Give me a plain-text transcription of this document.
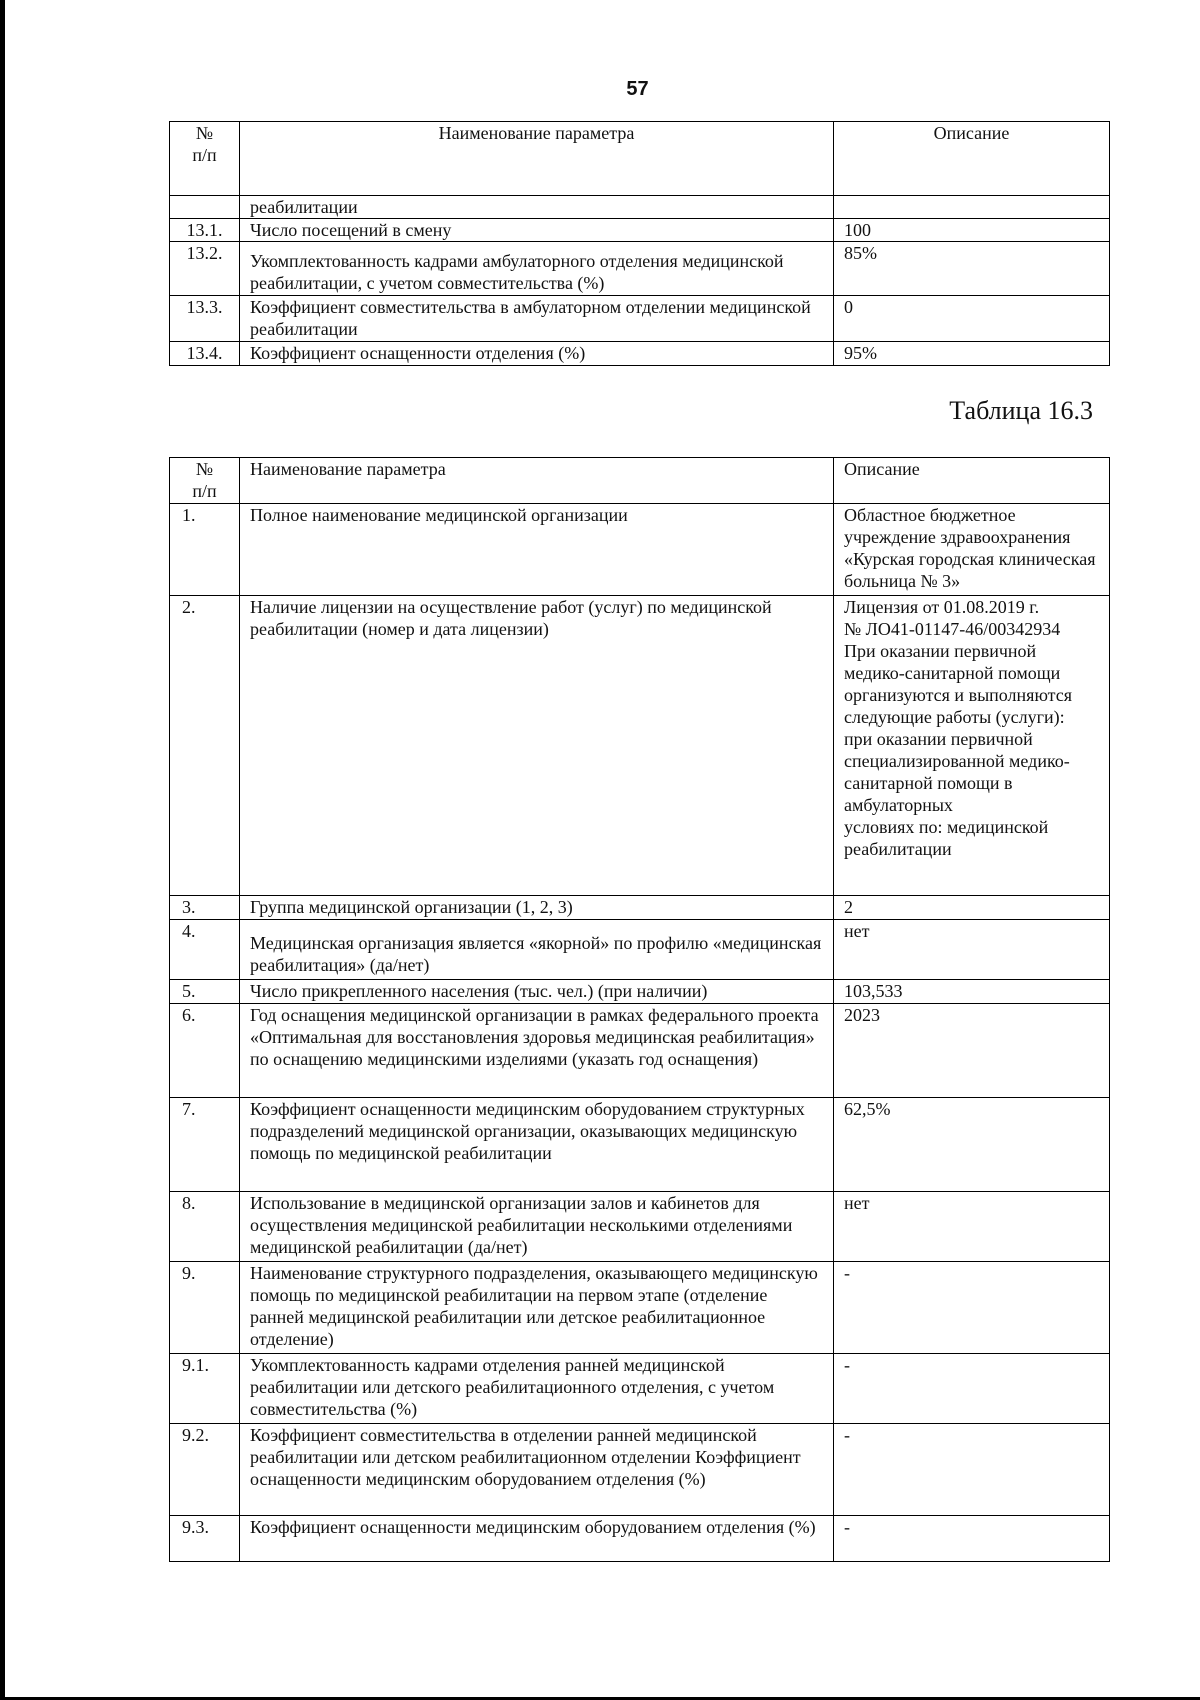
57
№
п/п	Наименование параметра	Описание
	реабилитации	
13.1.	Число посещений в смену	100
13.2.	Укомплектованность кадрами амбулаторного отделения медицинской реабилитации, с учетом совместительства (%)	85%
13.3.	Коэффициент совместительства в амбулаторном отделении медицинской реабилитации	0
13.4.	Коэффициент оснащенности отделения (%)	95%
Таблица 16.3
№
п/п	Наименование параметра	Описание
1.	Полное наименование медицинской организации	Областное бюджетное учреждение здравоохранения «Курская городская клиническая больница № 3»
2.	Наличие лицензии на осуществление работ (услуг) по медицинской реабилитации (номер и дата лицензии)	Лицензия от 01.08.2019 г.
№ ЛО41-01147-46/00342934
При оказании первичной медико-санитарной помощи организуются и выполняются следующие работы (услуги):
при оказании первичной специализированной медико-санитарной помощи в амбулаторных
условиях по: медицинской реабилитации
3.	Группа медицинской организации (1, 2, 3)	2
4.	Медицинская организация является «якорной» по профилю «медицинская реабилитация» (да/нет)	нет
5.	Число прикрепленного населения (тыс. чел.) (при наличии)	103,533
6.	Год оснащения медицинской организации в рамках федерального проекта «Оптимальная для восстановления здоровья медицинская реабилитация» по оснащению медицинскими изделиями (указать год оснащения)	2023
7.	Коэффициент оснащенности медицинским оборудованием структурных подразделений медицинской организации, оказывающих медицинскую помощь по медицинской реабилитации	62,5%
8.	Использование в медицинской организации залов и кабинетов для осуществления медицинской реабилитации несколькими отделениями медицинской реабилитации (да/нет)	нет
9.	Наименование структурного подразделения, оказывающего медицинскую помощь по медицинской реабилитации на первом этапе (отделение ранней медицинской реабилитации или детское реабилитационное отделение)	-
9.1.	Укомплектованность кадрами отделения ранней медицинской реабилитации или детского реабилитационного отделения, с учетом совместительства (%)	-
9.2.	Коэффициент совместительства в отделении ранней медицинской реабилитации или детском реабилитационном отделении Коэффициент оснащенности медицинским оборудованием отделения (%)	-
9.3.	Коэффициент оснащенности медицинским оборудованием отделения (%)	-
